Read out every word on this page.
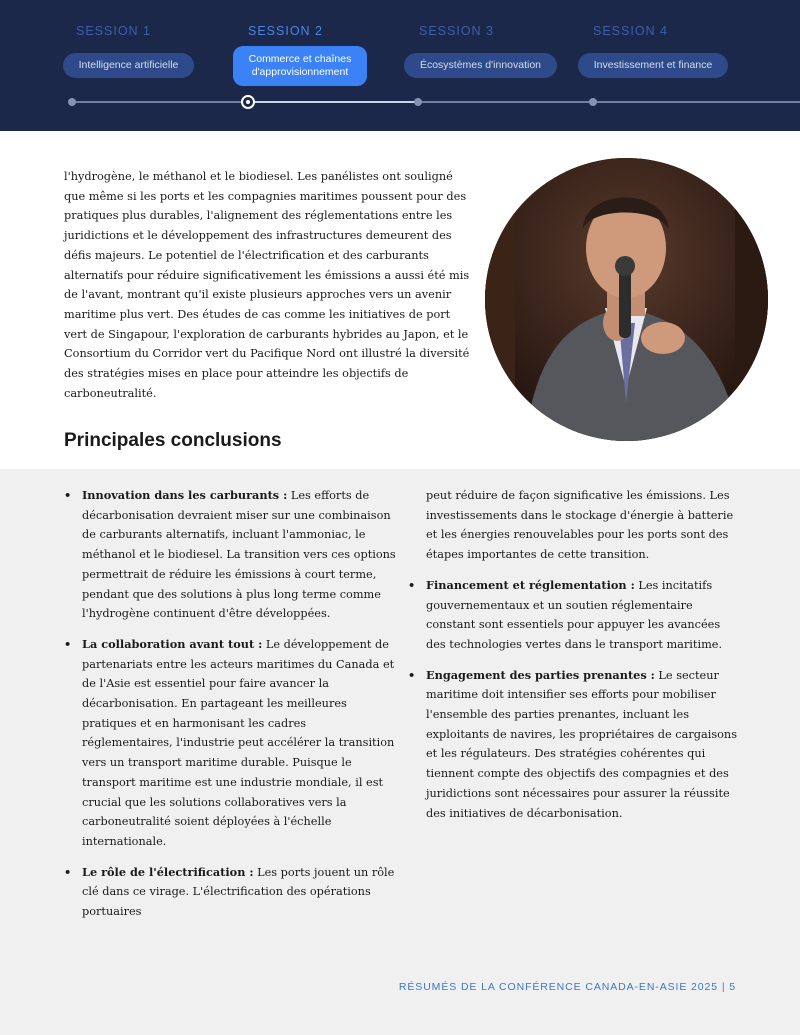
SESSION 1	SESSION 2	SESSION 3	SESSION 4
Intelligence artificielle
Commerce et chaînes d'approvisionnement
Écosystèmes d'innovation	Investissement et finance

l'hydrogène, le méthanol et le biodiesel. Les panélistes ont souligné que même si les ports et les compagnies maritimes poussent pour des pratiques plus durables, l'alignement des réglementations entre les juridictions et le développement des infrastructures demeurent des défis majeurs. Le potentiel de l'électrification et des carburants alternatifs pour réduire significativement les émissions a aussi été mis de l'avant, montrant qu'il existe plusieurs approches vers un avenir maritime plus vert. Des études de cas comme les initiatives de port vert de Singapour, l'exploration de carburants hybrides au Japon, et le Consortium du Corridor vert du Pacifique Nord ont illustré la diversité des stratégies mises en place pour atteindre les objectifs de carboneutralité.

Principales conclusions
• Innovation dans les carburants : Les efforts de décarbonisation devraient miser sur une combinaison de carburants alternatifs, incluant l'ammoniac, le méthanol et le biodiesel. La transition vers ces options permettrait de réduire les émissions à court terme, pendant que des solutions à plus long terme comme l'hydrogène continuent d'être développées.
• La collaboration avant tout : Le développement de partenariats entre les acteurs maritimes du Canada et de l'Asie est essentiel pour faire avancer la décarbonisation. En partageant les meilleures pratiques et en harmonisant les cadres réglementaires, l'industrie peut accélérer la transition vers un transport maritime durable. Puisque le transport maritime est une industrie mondiale, il est crucial que les solutions collaboratives vers la carboneutralité soient déployées à l'échelle internationale.
• Le rôle de l'électrification : Les ports jouent un rôle clé dans ce virage. L'électrification des opérations portuaires
peut réduire de façon significative les émissions. Les investissements dans le stockage d'énergie à batterie et les énergies renouvelables pour les ports sont des étapes importantes de cette transition.
• Financement et réglementation : Les incitatifs gouvernementaux et un soutien réglementaire constant sont essentiels pour appuyer les avancées des technologies vertes dans le transport maritime.
• Engagement des parties prenantes : Le secteur maritime doit intensifier ses efforts pour mobiliser l'ensemble des parties prenantes, incluant les exploitants de navires, les propriétaires de cargaisons et les régulateurs. Des stratégies cohérentes qui tiennent compte des objectifs des compagnies et des juridictions sont nécessaires pour assurer la réussite des initiatives de décarbonisation.
RÉSUMÉS DE LA CONFÉRENCE CANADA-EN-ASIE 2025 | 5
